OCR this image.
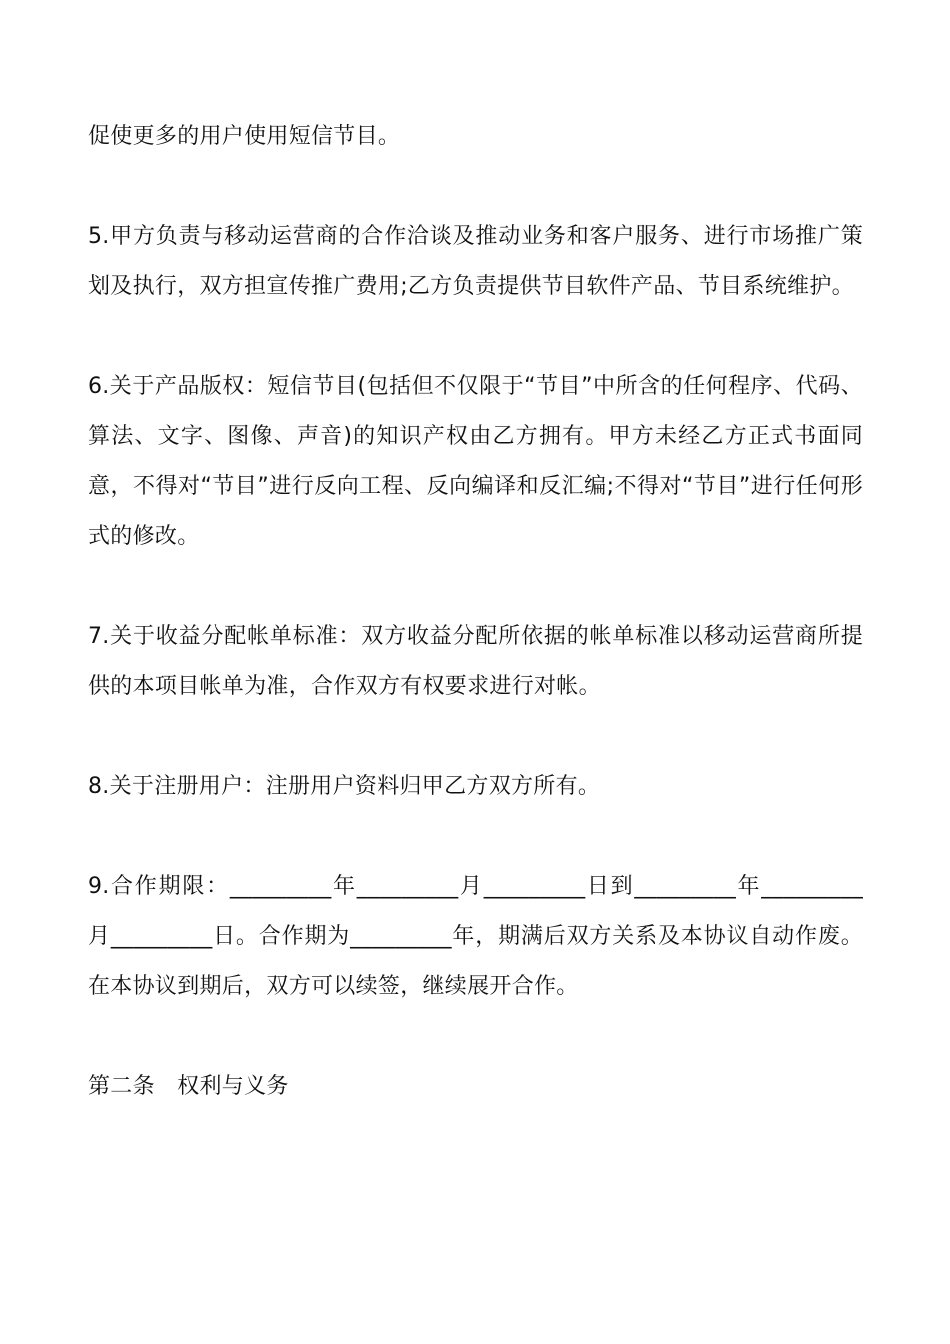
促使更多的用户使用短信节目。

5.甲方负责与移动运营商的合作洽谈及推动业务和客户服务、进行市场推广策划及执行，双方担宣传推广费用;乙方负责提供节目软件产品、节目系统维护。

6.关于产品版权：短信节目(包括但不仅限于“节目”中所含的任何程序、代码、算法、文字、图像、声音)的知识产权由乙方拥有。甲方未经乙方正式书面同意，不得对“节目”进行反向工程、反向编译和反汇编;不得对“节目”进行任何形式的修改。

7.关于收益分配帐单标准：双方收益分配所依据的帐单标准以移动运营商所提供的本项目帐单为准，合作双方有权要求进行对帐。

8.关于注册用户：注册用户资料归甲乙方双方所有。

9.合作期限：_________年_________月_________日到_________年_________月_________日。合作期为_________年，期满后双方关系及本协议自动作废。在本协议到期后，双方可以续签，继续展开合作。

第二条　权利与义务
